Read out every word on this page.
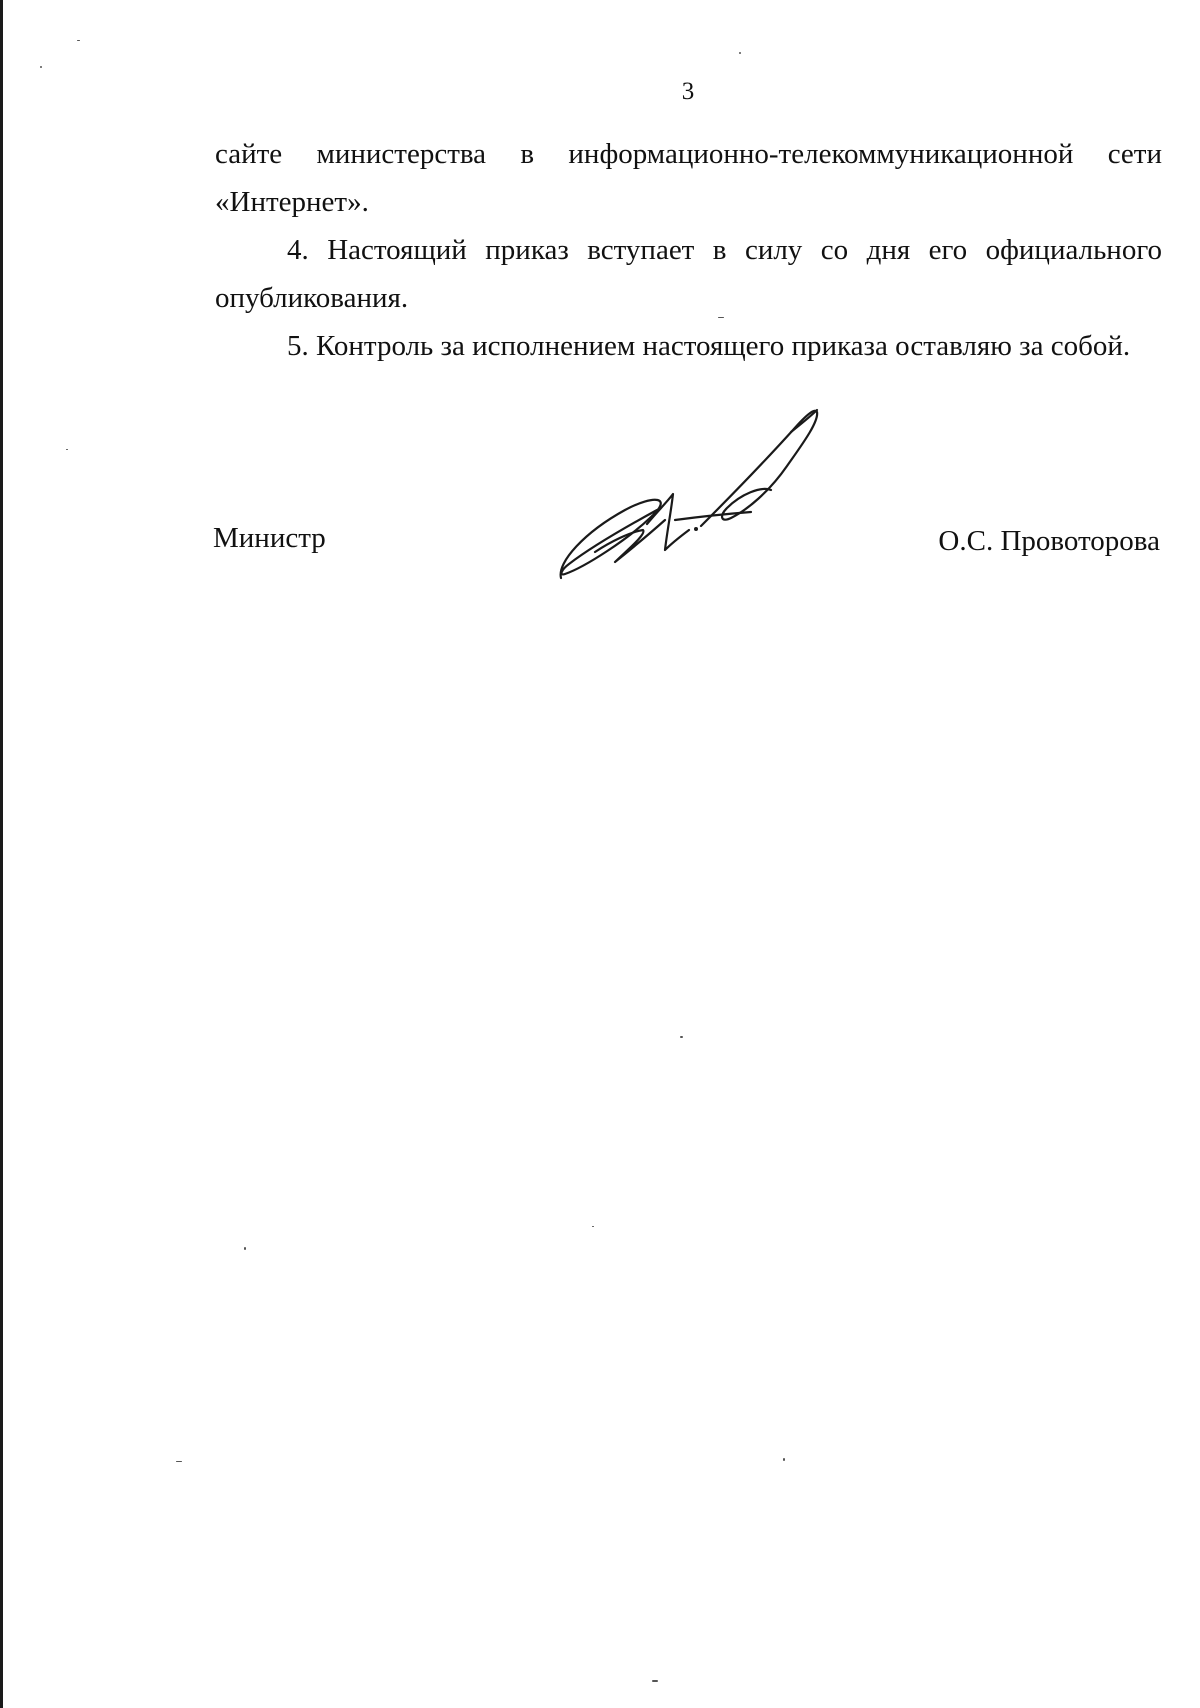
3

сайте министерства в информационно-телекоммуникационной сети «Интернет».

4. Настоящий приказ вступает в силу со дня его официального опубликования.

5. Контроль за исполнением настоящего приказа оставляю за собой.

Министр	О.С. Провоторова
